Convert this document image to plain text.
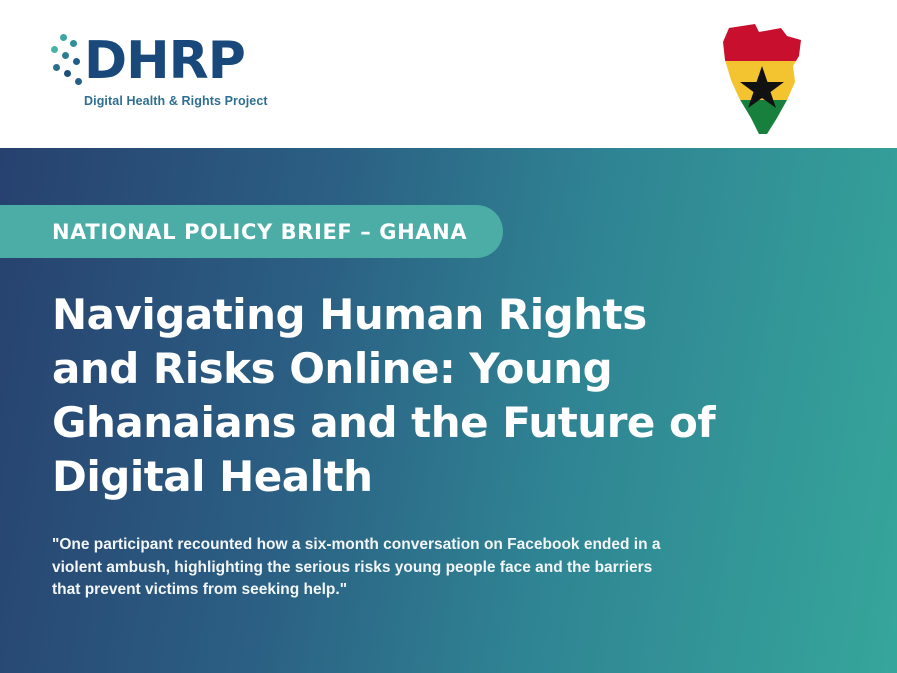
DHRP
Digital Health & Rights Project
NATIONAL POLICY BRIEF – GHANA
Navigating Human Rights and Risks Online: Young Ghanaians and the Future of Digital Health
"One participant recounted how a six-month conversation on Facebook ended in a violent ambush, highlighting the serious risks young people face and the barriers that prevent victims from seeking help."
